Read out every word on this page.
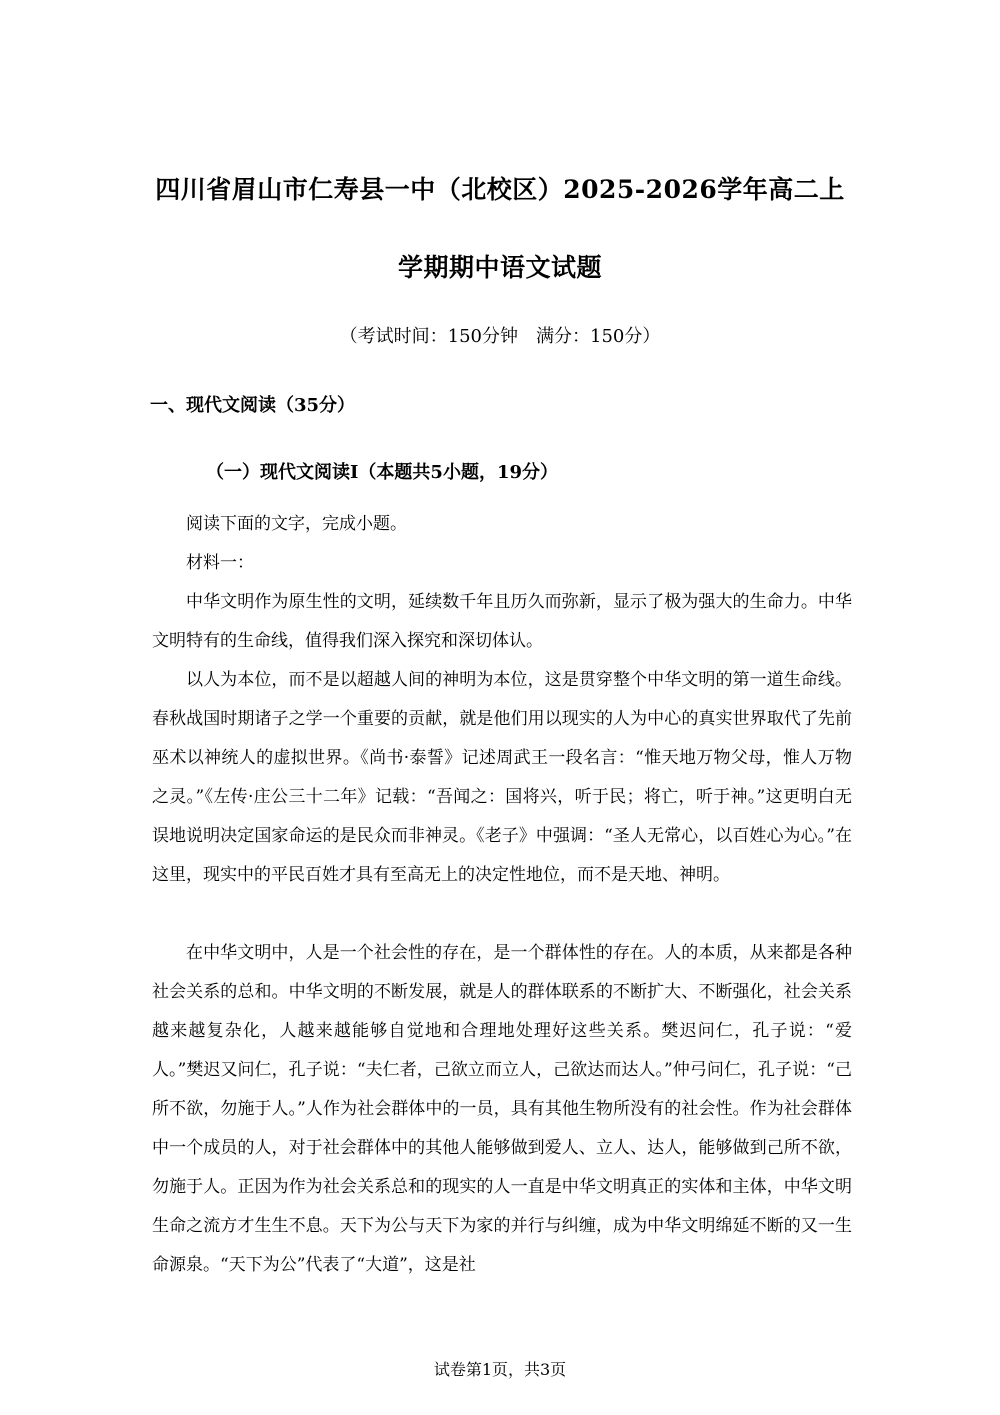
四川省眉山市仁寿县一中（北校区）2025-2026学年高二上
学期期中语文试题
（考试时间：150分钟　满分：150分）
一、现代文阅读（35分）
（一）现代文阅读Ⅰ（本题共5小题，19分）

阅读下面的文字，完成小题。

材料一：

中华文明作为原生性的文明，延续数千年且历久而弥新，显示了极为强大的生命力。中华文明特有的生命线，值得我们深入探究和深切体认。

以人为本位，而不是以超越人间的神明为本位，这是贯穿整个中华文明的第一道生命线。春秋战国时期诸子之学一个重要的贡献，就是他们用以现实的人为中心的真实世界取代了先前巫术以神统人的虚拟世界。《尚书·泰誓》记述周武王一段名言：“惟天地万物父母，惟人万物之灵。”《左传·庄公三十二年》记载：“吾闻之：国将兴，听于民；将亡，听于神。”这更明白无误地说明决定国家命运的是民众而非神灵。《老子》中强调：“圣人无常心，以百姓心为心。”在这里，现实中的平民百姓才具有至高无上的决定性地位，而不是天地、神明。

在中华文明中，人是一个社会性的存在，是一个群体性的存在。人的本质，从来都是各种社会关系的总和。中华文明的不断发展，就是人的群体联系的不断扩大、不断强化，社会关系越来越复杂化，人越来越能够自觉地和合理地处理好这些关系。樊迟问仁，孔子说：“爱人。”樊迟又问仁，孔子说：“夫仁者，己欲立而立人，己欲达而达人。”仲弓问仁，孔子说：“己所不欲，勿施于人。”人作为社会群体中的一员，具有其他生物所没有的社会性。作为社会群体中一个成员的人，对于社会群体中的其他人能够做到爱人、立人、达人，能够做到己所不欲，勿施于人。正因为作为社会关系总和的现实的人一直是中华文明真正的实体和主体，中华文明生命之流方才生生不息。天下为公与天下为家的并行与纠缠，成为中华文明绵延不断的又一生命源泉。“天下为公”代表了“大道”，这是社

试卷第1页，共3页
